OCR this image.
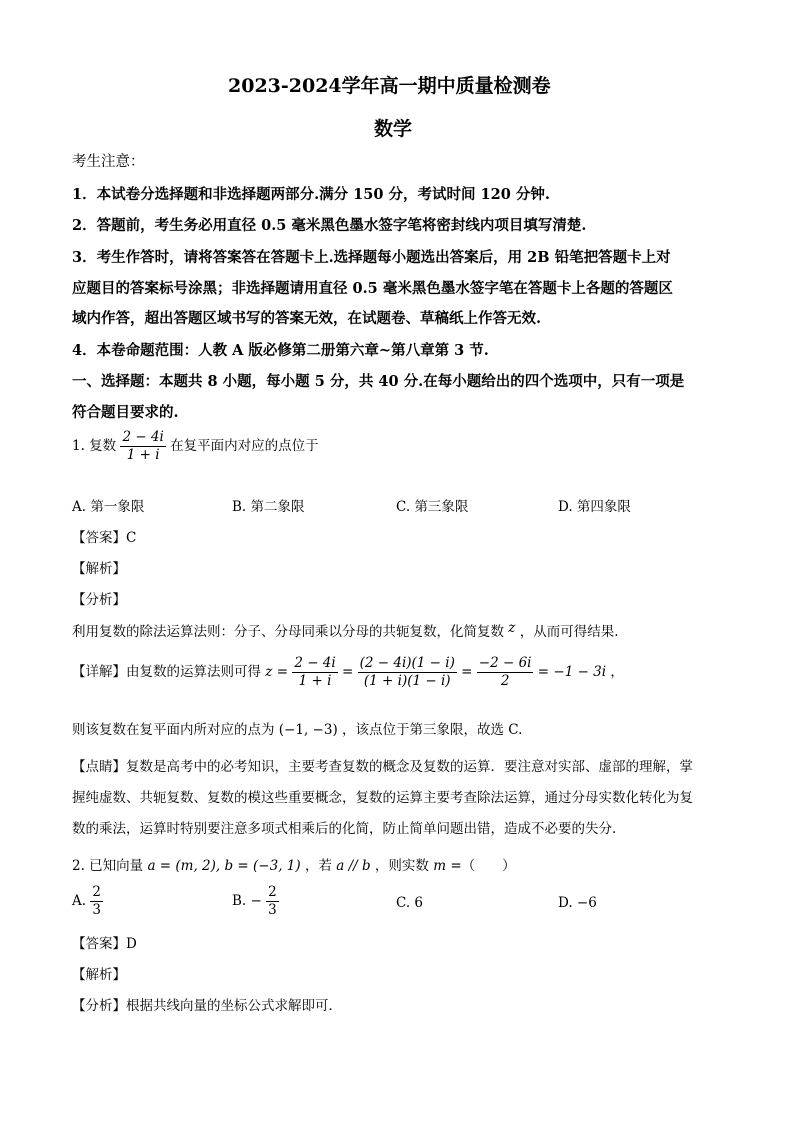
2023-2024学年高一期中质量检测卷
数学
考生注意：
1．本试卷分选择题和非选择题两部分.满分 150 分，考试时间 120 分钟.
2．答题前，考生务必用直径 0.5 毫米黑色墨水签字笔将密封线内项目填写清楚.
3．考生作答时，请将答案答在答题卡上.选择题每小题选出答案后，用 2B 铅笔把答题卡上对
应题目的答案标号涂黑；非选择题请用直径 0.5 毫米黑色墨水签字笔在答题卡上各题的答题区
域内作答，超出答题区域书写的答案无效，在试题卷、草稿纸上作答无效.
4．本卷命题范围：人教 A 版必修第二册第六章~第八章第 3 节.
一、选择题：本题共 8 小题，每小题 5 分，共 40 分.在每小题给出的四个选项中，只有一项是
符合题目要求的.
1. 复数 $\frac{2 - 4i}{1 + i}$ 在复平面内对应的点位于
A. 第一象限	B. 第二象限	C. 第三象限	D. 第四象限
【答案】C
【解析】
【分析】
利用复数的除法运算法则：分子、分母同乘以分母的共轭复数，化简复数 z ，从而可得结果.
【详解】由复数的运算法则可得 $z = \frac{2 - 4i}{1 + i} = \frac{(2 - 4i)(1 - i)}{(1 + i)(1 - i)} = \frac{-2 - 6i}{2} = -1 - 3i$ ，
则该复数在复平面内所对应的点为 (−1, −3) ，该点位于第三象限，故选 C.
【点睛】复数是高考中的必考知识，主要考查复数的概念及复数的运算．要注意对实部、虚部的理解，掌
握纯虚数、共轭复数、复数的模这些重要概念，复数的运算主要考查除法运算，通过分母实数化转化为复
数的乘法，运算时特别要注意多项式相乘后的化简，防止简单问题出错，造成不必要的失分.
2. 已知向量 a = (m, 2), b = (−3, 1) ，若 a // b ，则实数 m =（　　）
A. $\frac{2}{3}$	B. − $\frac{2}{3}$	C. 6	D. −6
【答案】D
【解析】
【分析】根据共线向量的坐标公式求解即可．
